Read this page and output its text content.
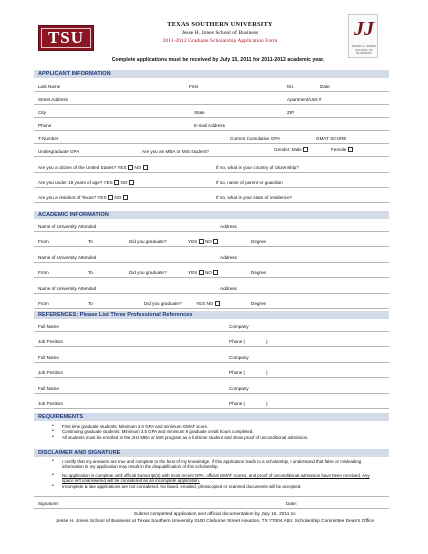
TSU	JJ
JESSE H. JONES SCHOOL OF BUSINESS
TEXAS SOUTHERN UNIVERSITY
Jesse H. Jones School of Business
2011-2012 Graduate Scholarship Application Form
Complete applications must be received by July 15, 2011 for 2011-2012 academic year.
APPLICANT INFORMATION
Last Name	First	M.I.	Date
Street Address	Apartment/Unit #
City	State	ZIP
Phone	E-mail Address
T-Number	Current Cumulative GPA	GMAT SCORE
Undergraduate GPA	Are you an MBA or MIS student?	Gender: Male	Female
Are you a citizen of the United States? YES NO	If no, what is your country of citizenship?
Are you under 18 years of age? YES NO	If so, name of parent or guardian
Are you a resident of Texas? YES NO	If no, what is your state of residence?
ACADEMIC INFORMATION
Name of University Attended	Address
From	To	Did you graduate?	YES NO	Degree
Name of University Attended	Address
From	To	Did you graduate?	YES NO	Degree
Name of University Attended	Address
From	To	Did you graduate?	YES NO	Degree
REFERENCES: Please List Three Professional References
Full Name	Company
Job Position	Phone (	)
Full Name	Company
Job Position	Phone (	)
Full Name	Company
Job Position	Phone (	)
REQUIREMENTS
• First time graduate students: Minimum 3.0 GPA and minimum GMAT score.
• Continuing graduate students: Minimum 3.5 GPA and minimum 9 graduate credit hours completed.
• All students must be enrolled in the JHJ MBA or MIS program as a full-time student and show proof of unconditional admission.
DISCLAIMER AND SIGNATURE
• I certify that my answers are true and complete to the best of my knowledge. If this application leads to a scholarship, I understand that false or misleading information in my application may result in the disqualification of this scholarship.
• No application is complete until official transcript(s) with most recent GPA, official GMAT scores, and proof of unconditional admission have been received. Any space left unanswered will be considered as an incomplete application.
• Incomplete & late applications are not considered. No faxed, emailed, photocopied or scanned documents will be accepted.
Signature:	Date:
Submit completed application and official documentation by July 15, 2011 to:
Jesse H. Jones School of Business at Texas Southern University 3100 Cleburne Street Houston, TX 77004 Attn: Scholarship Committee Dean's Office
